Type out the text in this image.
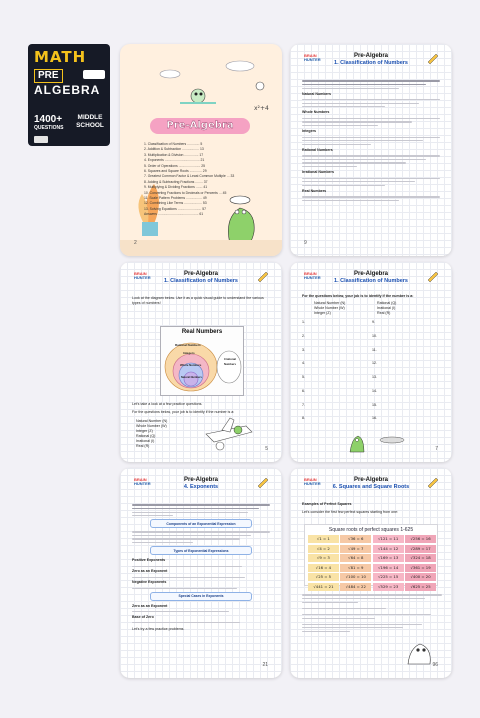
MATH
PRE
ALGEBRA
1400+
QUESTIONS
MIDDLE SCHOOL
x²+4
Pre-Algebra
1. Classification of Numbers ............. 5
2. Addition & Subtraction .................. 13
3. Multiplication & Division ............... 17
4. Exponents ..................................... 21
5. Order of Operations ....................... 25
6. Squares and Square Roots ............. 29
7. Greatest Common Factor & Least Common Multiple ... 33
8. Adding & Subtracting Fractions ........ 37
9. Multiplying & Dividing Fractions ....... 41
10. Converting Fractions to Decimals or Percents ... 45
11. Scale Pattern Problems ................. 49
12. Combining Like Terms ................... 53
13. Solving Equations ......................... 57
Answers ........................................... 61
2
BRAIN
HUNTER
Pre-Algebra
1. Classification of Numbers
Natural Numbers
Whole Numbers
Integers
Rational Numbers
Irrational Numbers
Real Numbers
9
BRAIN
HUNTER
Pre-Algebra
1. Classification of Numbers
Look at the diagram below. Use it as a quick visual guide to understand the various types of numbers!
Real Numbers
Rational Numbers
Integers
Whole Numbers
Natural Numbers
Irrational Numbers
Let's take a look at a few practice questions.
For the questions below, your job is to identify if the number is a:
Natural Number (N)
Whole Number (W)
Integer (Z)
Rational (Q)
Irrational (I)
Real (R)	5
BRAIN
HUNTER
Pre-Algebra
1. Classification of Numbers
For the questions below, your job is to identify if the number is a:
Natural Number (N)	Rational (Q)
Whole Number (W)	Irrational (I)
Integer (Z)	Real (R)
1.	9.
2.	10.
3.	11.
4.	12.
5.	13.
6.	14.
7.	15.
8.	16.
7
BRAIN
HUNTER
Pre-Algebra
4. Exponents
Components of an Exponential Expression
Types of Exponential Expressions
Positive Exponents
Zero as an Exponent
Negative Exponents
Special Cases in Exponents
Zero as an Exponent
Base of Zero
Let's try a few practice problems.
21
BRAIN
HUNTER
Pre-Algebra
6. Squares and Square Roots
Examples of Perfect Squares
Let's consider the first few perfect squares starting from one:
Square roots of perfect squares 1-625
√1 = 1	√36 = 6	√121 = 11	√256 = 16
√4 = 2	√49 = 7	√144 = 12	√289 = 17
√9 = 3	√64 = 8	√169 = 13	√324 = 18
√16 = 4	√81 = 9	√196 = 14	√361 = 19
√25 = 5	√100 = 10	√225 = 15	√400 = 20
√441 = 21	√484 = 22	√529 = 23	√625 = 25
96
